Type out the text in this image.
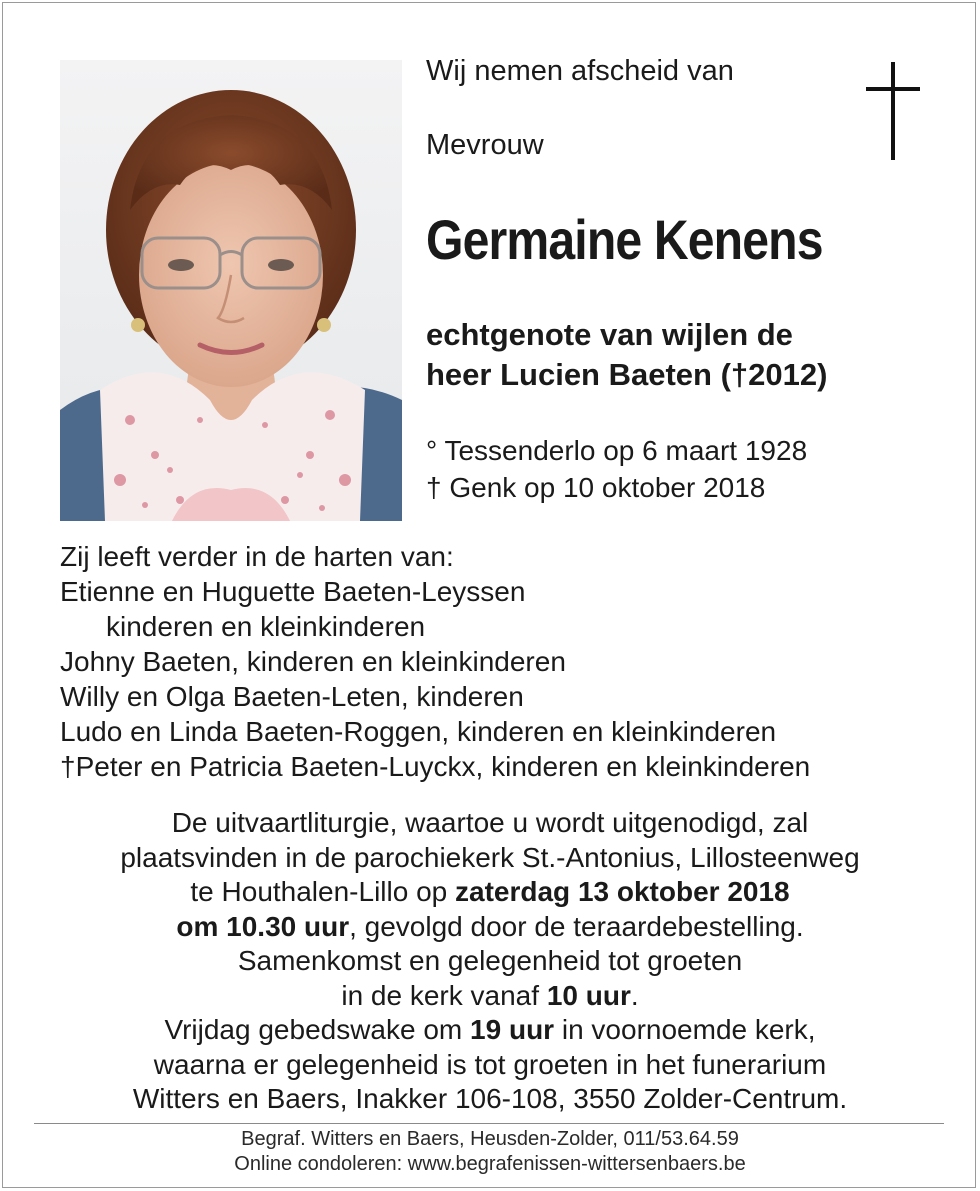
Wij nemen afscheid van

Mevrouw

Germaine Kenens

echtgenote van wijlen de
heer Lucien Baeten (†2012)

° Tessenderlo op 6 maart 1928

† Genk op 10 oktober 2018

Zij leeft verder in de harten van:
Etienne en Huguette Baeten-Leyssen
kinderen en kleinkinderen
Johny Baeten, kinderen en kleinkinderen
Willy en Olga Baeten-Leten, kinderen
Ludo en Linda Baeten-Roggen, kinderen en kleinkinderen
†Peter en Patricia Baeten-Luyckx, kinderen en kleinkinderen
De uitvaartliturgie, waartoe u wordt uitgenodigd, zal
plaatsvinden in de parochiekerk St.-Antonius, Lillosteenweg
te Houthalen-Lillo op zaterdag 13 oktober 2018
om 10.30 uur, gevolgd door de teraardebestelling.
Samenkomst en gelegenheid tot groeten
in de kerk vanaf 10 uur.
Vrijdag gebedswake om 19 uur in voornoemde kerk,
waarna er gelegenheid is tot groeten in het funerarium
Witters en Baers, Inakker 106-108, 3550 Zolder-Centrum.
Begraf. Witters en Baers, Heusden-Zolder, 011/53.64.59
Online condoleren: www.begrafenissen-wittersenbaers.be
